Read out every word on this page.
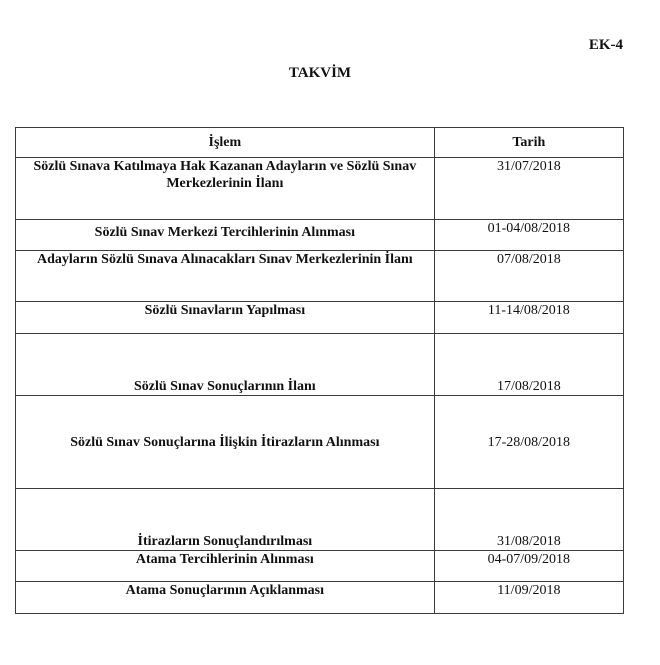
EK-4
TAKVİM
İşlem	Tarih
Sözlü Sınava Katılmaya Hak Kazanan Adayların ve Sözlü Sınav Merkezlerinin İlanı	31/07/2018
Sözlü Sınav Merkezi Tercihlerinin Alınması	01-04/08/2018
Adayların Sözlü Sınava Alınacakları Sınav Merkezlerinin İlanı	07/08/2018
Sözlü Sınavların Yapılması	11-14/08/2018
Sözlü Sınav Sonuçlarının İlanı	17/08/2018
Sözlü Sınav Sonuçlarına İlişkin İtirazların Alınması	17-28/08/2018
İtirazların Sonuçlandırılması	31/08/2018
Atama Tercihlerinin Alınması	04-07/09/2018
Atama Sonuçlarının Açıklanması	11/09/2018
